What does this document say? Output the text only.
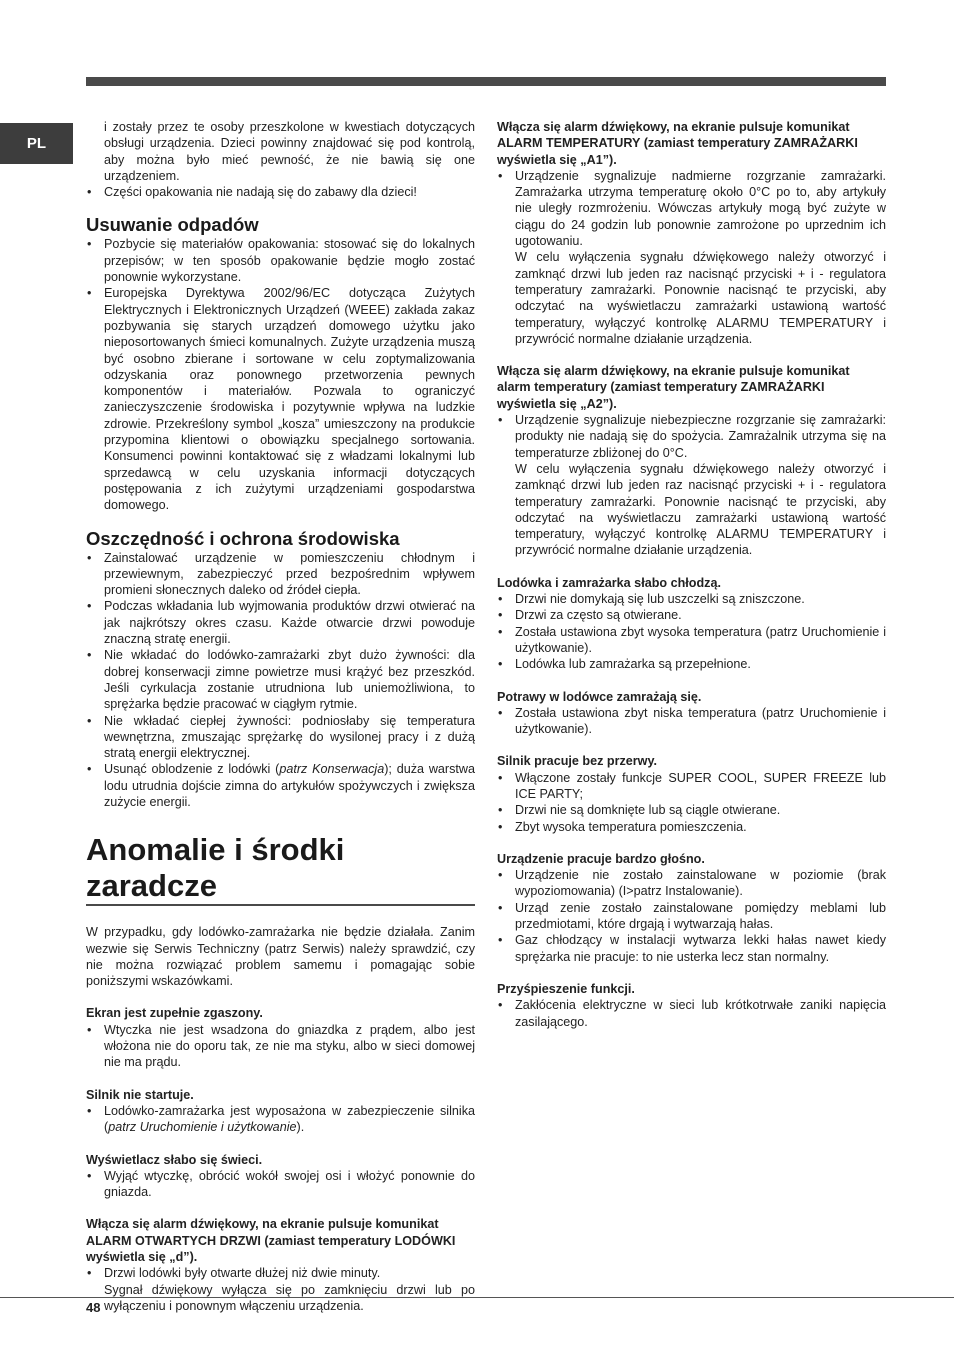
PL
i zostały przez te osoby przeszkolone w kwestiach dotyczących obsługi urządzenia. Dzieci powinny znajdować się pod kontrolą, aby można było mieć pewność, że nie bawią się one urządzeniem.
• Części opakowania nie nadają się do zabawy dla dzieci!
Usuwanie odpadów
• Pozbycie się materiałów opakowania: stosować się do lokalnych przepisów; w ten sposób opakowanie będzie mogło zostać ponownie wykorzystane.
• Europejska Dyrektywa 2002/96/EC dotycząca Zużytych Elektrycznych i Elektronicznych Urządzeń (WEEE) zakłada zakaz pozbywania się starych urządzeń domowego użytku jako nieposortowanych śmieci komunalnych. Zużyte urządzenia muszą być osobno zbierane i sortowane w celu zoptymalizowania odzyskania oraz ponownego przetworzenia pewnych komponentów i materiałów. Pozwala to ograniczyć zanieczyszczenie środowiska i pozytywnie wpływa na ludzkie zdrowie. Przekreślony symbol „kosza” umieszczony na produkcie przypomina klientowi o obowiązku specjalnego sortowania. Konsumenci powinni kontaktować się z władzami lokalnymi lub sprzedawcą w celu uzyskania informacji dotyczących postępowania z ich zużytymi urządzeniami gospodarstwa domowego.
Oszczędność i ochrona środowiska
• Zainstalować urządzenie w pomieszczeniu chłodnym i przewiewnym, zabezpieczyć przed bezpośrednim wpływem promieni słonecznych daleko od źródeł ciepła.
• Podczas wkładania lub wyjmowania produktów drzwi otwierać na jak najkrótszy okres czasu. Każde otwarcie drzwi powoduje znaczną stratę energii.
• Nie wkładać do lodówko-zamrażarki zbyt dużo żywności: dla dobrej konserwacji zimne powietrze musi krążyć bez przeszkód. Jeśli cyrkulacja zostanie utrudniona lub uniemożliwiona, to sprężarka będzie pracować w ciągłym rytmie.
• Nie wkładać ciepłej żywności: podniosłaby się temperatura wewnętrzna, zmuszając sprężarkę do wysilonej pracy i z dużą stratą energii elektrycznej.
• Usunąć oblodzenie z lodówki (patrz Konserwacja); duża warstwa lodu utrudnia dojście zimna do artykułów spożywczych i zwiększa zużycie energii.
Anomalie i środki zaradcze

W przypadku, gdy lodówko-zamrażarka nie będzie działała. Zanim wezwie się Serwis Techniczny (patrz Serwis) należy sprawdzić, czy nie można rozwiązać problem samemu i pomagając sobie poniższymi wskazówkami.

Ekran jest zupełnie zgaszony.
• Wtyczka nie jest wsadzona do gniazdka z prądem, albo jest włożona nie do oporu tak, ze nie ma styku, albo w sieci domowej nie ma prądu.
Silnik nie startuje.
• Lodówko-zamrażarka jest wyposażona w zabezpieczenie silnika (patrz Uruchomienie i użytkowanie).
Wyświetlacz słabo się świeci.
• Wyjąć wtyczkę, obrócić wokół swojej osi i włożyć ponownie do gniazda.
Włącza się alarm dźwiękowy, na ekranie pulsuje komunikat ALARM OTWARTYCH DRZWI (zamiast temperatury LODÓWKI wyświetla się „d”).
• Drzwi lodówki były otwarte dłużej niż dwie minuty.
Sygnał dźwiękowy wyłącza się po zamknięciu drzwi lub po wyłączeniu i ponownym włączeniu urządzenia.
Włącza się alarm dźwiękowy, na ekranie pulsuje komunikat ALARM TEMPERATURY (zamiast temperatury ZAMRAŻARKI wyświetla się „A1”).
• Urządzenie sygnalizuje nadmierne rozgrzanie zamrażarki. Zamrażarka utrzyma temperaturę około 0°C po to, aby artykuły nie uległy rozmrożeniu. Wówczas artykuły mogą być zużyte w ciągu do 24 godzin lub ponownie zamrożone po uprzednim ich ugotowaniu.
W celu wyłączenia sygnału dźwiękowego należy otworzyć i zamknąć drzwi lub jeden raz nacisnąć przyciski + i - regulatora temperatury zamrażarki. Ponownie nacisnąć te przyciski, aby odczytać na wyświetlaczu zamrażarki ustawioną wartość temperatury, wyłączyć kontrolkę ALARMU TEMPERATURY i przywrócić normalne działanie urządzenia.
Włącza się alarm dźwiękowy, na ekranie pulsuje komunikat alarm temperatury (zamiast temperatury ZAMRAŻARKI wyświetla się „A2”).
• Urządzenie sygnalizuje niebezpieczne rozgrzanie się zamrażarki: produkty nie nadają się do spożycia. Zamrażalnik utrzyma się na temperaturze zbliżonej do 0°C.
W celu wyłączenia sygnału dźwiękowego należy otworzyć i zamknąć drzwi lub jeden raz nacisnąć przyciski + i - regulatora temperatury zamrażarki. Ponownie nacisnąć te przyciski, aby odczytać na wyświetlaczu zamrażarki ustawioną wartość temperatury, wyłączyć kontrolkę ALARMU TEMPERATURY i przywrócić normalne działanie urządzenia.
Lodówka i zamrażarka słabo chłodzą.
• Drzwi nie domykają się lub uszczelki są zniszczone.
• Drzwi za często są otwierane.
• Została ustawiona zbyt wysoka temperatura (patrz Uruchomienie i użytkowanie).
• Lodówka lub zamrażarka są przepełnione.
Potrawy w lodówce zamrażają się.
• Została ustawiona zbyt niska temperatura (patrz Uruchomienie i użytkowanie).
Silnik pracuje bez przerwy.
• Włączone zostały funkcje SUPER COOL, SUPER FREEZE lub ICE PARTY;
• Drzwi nie są domknięte lub są ciągle otwierane.
• Zbyt wysoka temperatura pomieszczenia.
Urządzenie pracuje bardzo głośno.
• Urządzenie nie zostało zainstalowane w poziomie (brak wypoziomowania) (I>patrz Instalowanie).
• Urząd zenie zostało zainstalowane pomiędzy meblami lub przedmiotami, które drgają i wytwarzają hałas.
• Gaz chłodzący w instalacji wytwarza lekki hałas nawet kiedy sprężarka nie pracuje: to nie usterka lecz stan normalny.
Przyśpieszenie funkcji.
• Zakłócenia elektryczne w sieci lub krótkotrwałe zaniki napięcia zasilającego.
48
